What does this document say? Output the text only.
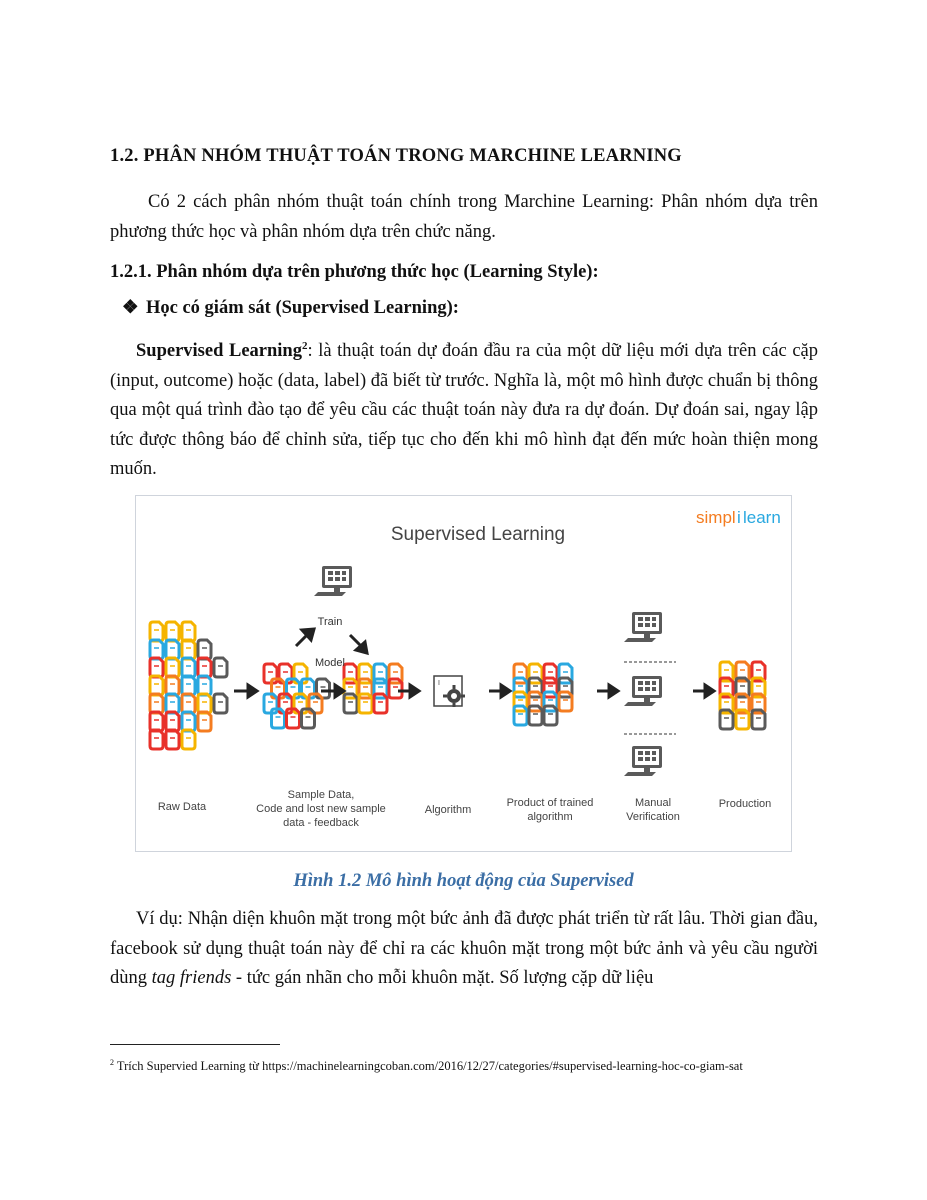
1.2. PHÂN NHÓM THUẬT TOÁN TRONG MARCHINE LEARNING
Có 2 cách phân nhóm thuật toán chính trong Marchine Learning: Phân nhóm dựa trên phương thức học và phân nhóm dựa trên chức năng.
1.2.1. Phân nhóm dựa trên phương thức học (Learning Style):
❖ Học có giám sát (Supervised Learning):
Supervised Learning$^2$: là thuật toán dự đoán đầu ra của một dữ liệu mới dựa trên các cặp (input, outcome) hoặc (data, label) đã biết từ trước. Nghĩa là, một mô hình được chuẩn bị thông qua một quá trình đào tạo để yêu cầu các thuật toán này đưa ra dự đoán. Dự đoán sai, ngay lập tức được thông báo để chỉnh sửa, tiếp tục cho đến khi mô hình đạt đến mức hoàn thiện mong muốn.
Supervised Learning
simpl i learn
Train
Model
I
Raw Data
Sample Data,
Code and lost new sample
data - feedback
Algorithm
Product of trained
algorithm
Manual
Verification
Production
Hình 1.2 Mô hình hoạt động của Supervised
Ví dụ: Nhận diện khuôn mặt trong một bức ảnh đã được phát triển từ rất lâu. Thời gian đầu, facebook sử dụng thuật toán này để chỉ ra các khuôn mặt trong một bức ảnh và yêu cầu người dùng tag friends - tức gán nhãn cho mỗi khuôn mặt. Số lượng cặp dữ liệu
$^2$ Trích Supervied Learning từ https://machinelearningcoban.com/2016/12/27/categories/#supervised-learning-hoc-co-giam-sat
